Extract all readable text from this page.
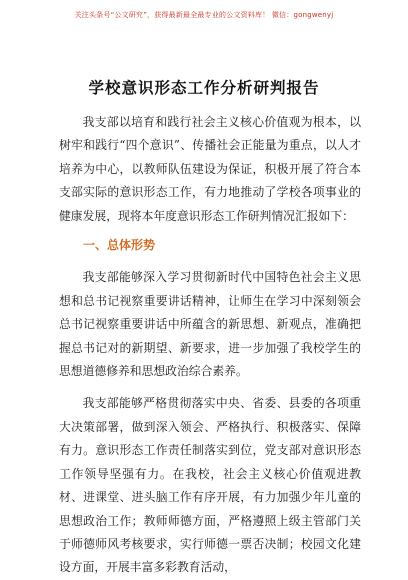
关注头条号“公文研究”，获得最新最全最专业的公文资料库！ 微信：gongwenyj
学校意识形态工作分析研判报告

我支部以培育和践行社会主义核心价值观为根本，以树牢和践行“四个意识”、传播社会正能量为重点，以人才培养为中心，以教师队伍建设为保证，积极开展了符合本支部实际的意识形态工作，有力地推动了学校各项事业的健康发展，现将本年度意识形态工作研判情况汇报如下：

一、总体形势

我支部能够深入学习贯彻新时代中国特色社会主义思想和总书记视察重要讲话精神，让师生在学习中深刻领会总书记视察重要讲话中所蕴含的新思想、新观点，准确把握总书记对的新期望、新要求，进一步加强了我校学生的思想道德修养和思想政治综合素养。

我支部能够严格贯彻落实中央、省委、县委的各项重大决策部署，做到深入领会、严格执行、积极落实、保障有力。意识形态工作责任制落实到位，党支部对意识形态工作领导坚强有力。在我校，社会主义核心价值观进教材、进课堂、进头脑工作有序开展，有力加强少年儿童的思想政治工作；教师师德方面，严格遵照上级主管部门关于师德师风考核要求，实行师德一票否决制；校园文化建设方面，开展丰富多彩教育活动，
